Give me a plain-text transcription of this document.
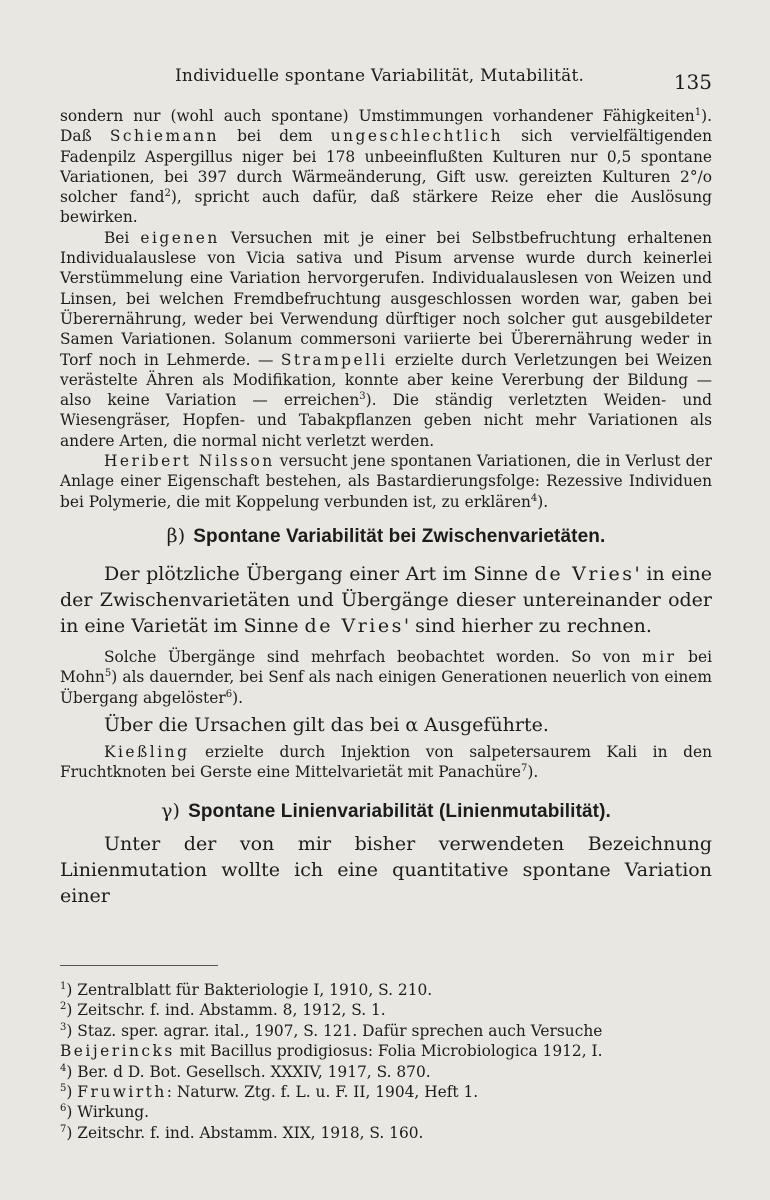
Individuelle spontane Variabilität, Mutabilität.	135

sondern nur (wohl auch spontane) Umstimmungen vorhandener Fähigkeiten$^1$). Daß Schiemann bei dem ungeschlechtlich sich vervielfältigenden Fadenpilz Aspergillus niger bei 178 unbeeinflußten Kulturen nur 0,5 spontane Variationen, bei 397 durch Wärmeänderung, Gift usw. gereizten Kulturen 2°/o solcher fand$^2$), spricht auch dafür, daß stärkere Reize eher die Auslösung bewirken.

Bei eigenen Versuchen mit je einer bei Selbstbefruchtung erhaltenen Individualauslese von Vicia sativa und Pisum arvense wurde durch keinerlei Verstümmelung eine Variation hervorgerufen. Individualauslesen von Weizen und Linsen, bei welchen Fremdbefruchtung ausgeschlossen worden war, gaben bei Überernährung, weder bei Verwendung dürftiger noch solcher gut ausgebildeter Samen Variationen. Solanum commersoni variierte bei Überernährung weder in Torf noch in Lehmerde. — Strampelli erzielte durch Verletzungen bei Weizen verästelte Ähren als Modifikation, konnte aber keine Vererbung der Bildung — also keine Variation — erreichen$^3$). Die ständig verletzten Weiden- und Wiesengräser, Hopfen- und Tabakpflanzen geben nicht mehr Variationen als andere Arten, die normal nicht verletzt werden.

Heribert Nilsson versucht jene spontanen Variationen, die in Verlust der Anlage einer Eigenschaft bestehen, als Bastardierungsfolge: Rezessive Individuen bei Polymerie, die mit Koppelung verbunden ist, zu erklären$^4$).

β) Spontane Variabilität bei Zwischenvarietäten.

Der plötzliche Übergang einer Art im Sinne de Vries' in eine der Zwischenvarietäten und Übergänge dieser untereinander oder in eine Varietät im Sinne de Vries' sind hierher zu rechnen.

Solche Übergänge sind mehrfach beobachtet worden. So von mir bei Mohn$^5$) als dauernder, bei Senf als nach einigen Generationen neuerlich von einem Übergang abgelöster$^6$).

Über die Ursachen gilt das bei α Ausgeführte.

Kießling erzielte durch Injektion von salpetersaurem Kali in den Fruchtknoten bei Gerste eine Mittelvarietät mit Panachüre$^7$).

γ) Spontane Linienvariabilität (Linienmutabilität).

Unter der von mir bisher verwendeten Bezeichnung Linienmutation wollte ich eine quantitative spontane Variation einer

$^1$) Zentralblatt für Bakteriologie I, 1910, S. 210.

$^2$) Zeitschr. f. ind. Abstamm. 8, 1912, S. 1.

$^3$) Staz. sper. agrar. ital., 1907, S. 121. Dafür sprechen auch Versuche

Beijerincks mit Bacillus prodigiosus: Folia Microbiologica 1912, I.

$^4$) Ber. d D. Bot. Gesellsch. XXXIV, 1917, S. 870.

$^5$) Fruwirth: Naturw. Ztg. f. L. u. F. II, 1904, Heft 1.

$^6$) Wirkung.

$^7$) Zeitschr. f. ind. Abstamm. XIX, 1918, S. 160.
